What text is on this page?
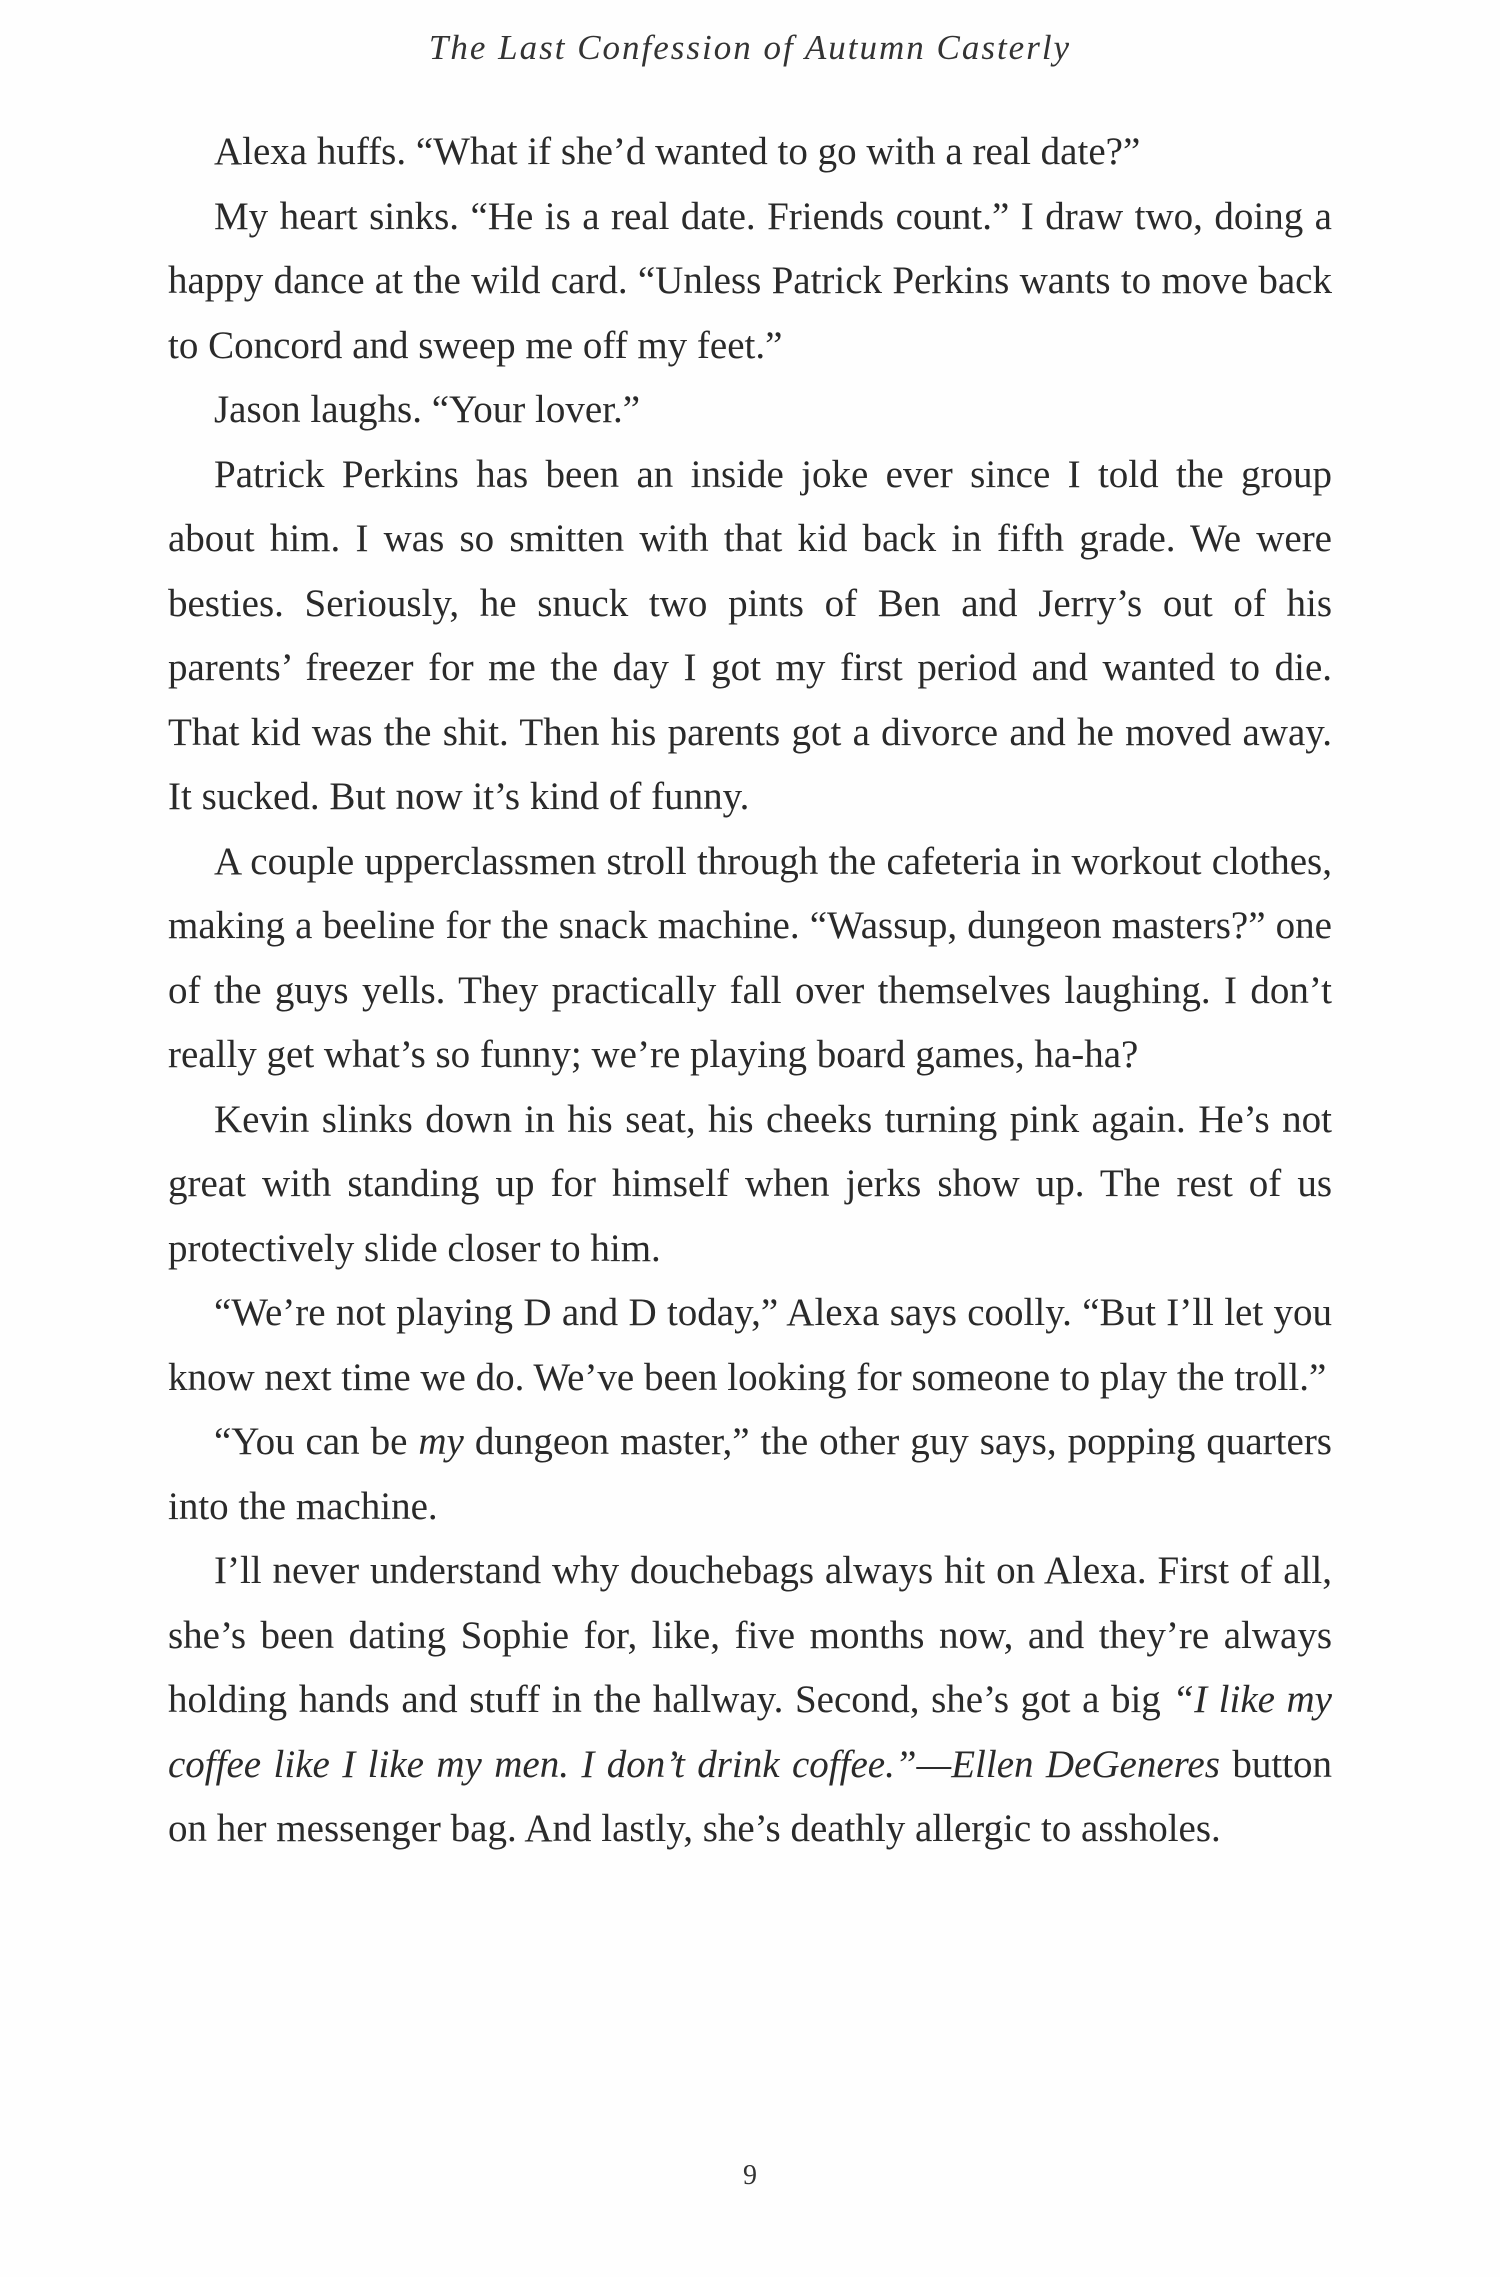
The Last Confession of Autumn Casterly

Alexa huffs. “What if she’d wanted to go with a real date?”

My heart sinks. “He is a real date. Friends count.” I draw two, doing a happy dance at the wild card. “Unless Patrick Perkins wants to move back to Concord and sweep me off my feet.”

Jason laughs. “Your lover.”

Patrick Perkins has been an inside joke ever since I told the group about him. I was so smitten with that kid back in fifth grade. We were besties. Seriously, he snuck two pints of Ben and Jerry’s out of his parents’ freezer for me the day I got my first period and wanted to die. That kid was the shit. Then his parents got a divorce and he moved away. It sucked. But now it’s kind of funny.

A couple upperclassmen stroll through the cafeteria in workout clothes, making a beeline for the snack machine. “Wassup, dungeon masters?” one of the guys yells. They practically fall over themselves laughing. I don’t really get what’s so funny; we’re playing board games, ha-ha?

Kevin slinks down in his seat, his cheeks turning pink again. He’s not great with standing up for himself when jerks show up. The rest of us protectively slide closer to him.

“We’re not playing D and D today,” Alexa says coolly. “But I’ll let you know next time we do. We’ve been looking for someone to play the troll.”

“You can be my dungeon master,” the other guy says, popping quarters into the machine.

I’ll never understand why douchebags always hit on Alexa. First of all, she’s been dating Sophie for, like, five months now, and they’re always holding hands and stuff in the hallway. Second, she’s got a big “I like my coffee like I like my men. I don’t drink coffee.”—Ellen DeGeneres button on her messenger bag. And lastly, she’s deathly allergic to assholes.

9
